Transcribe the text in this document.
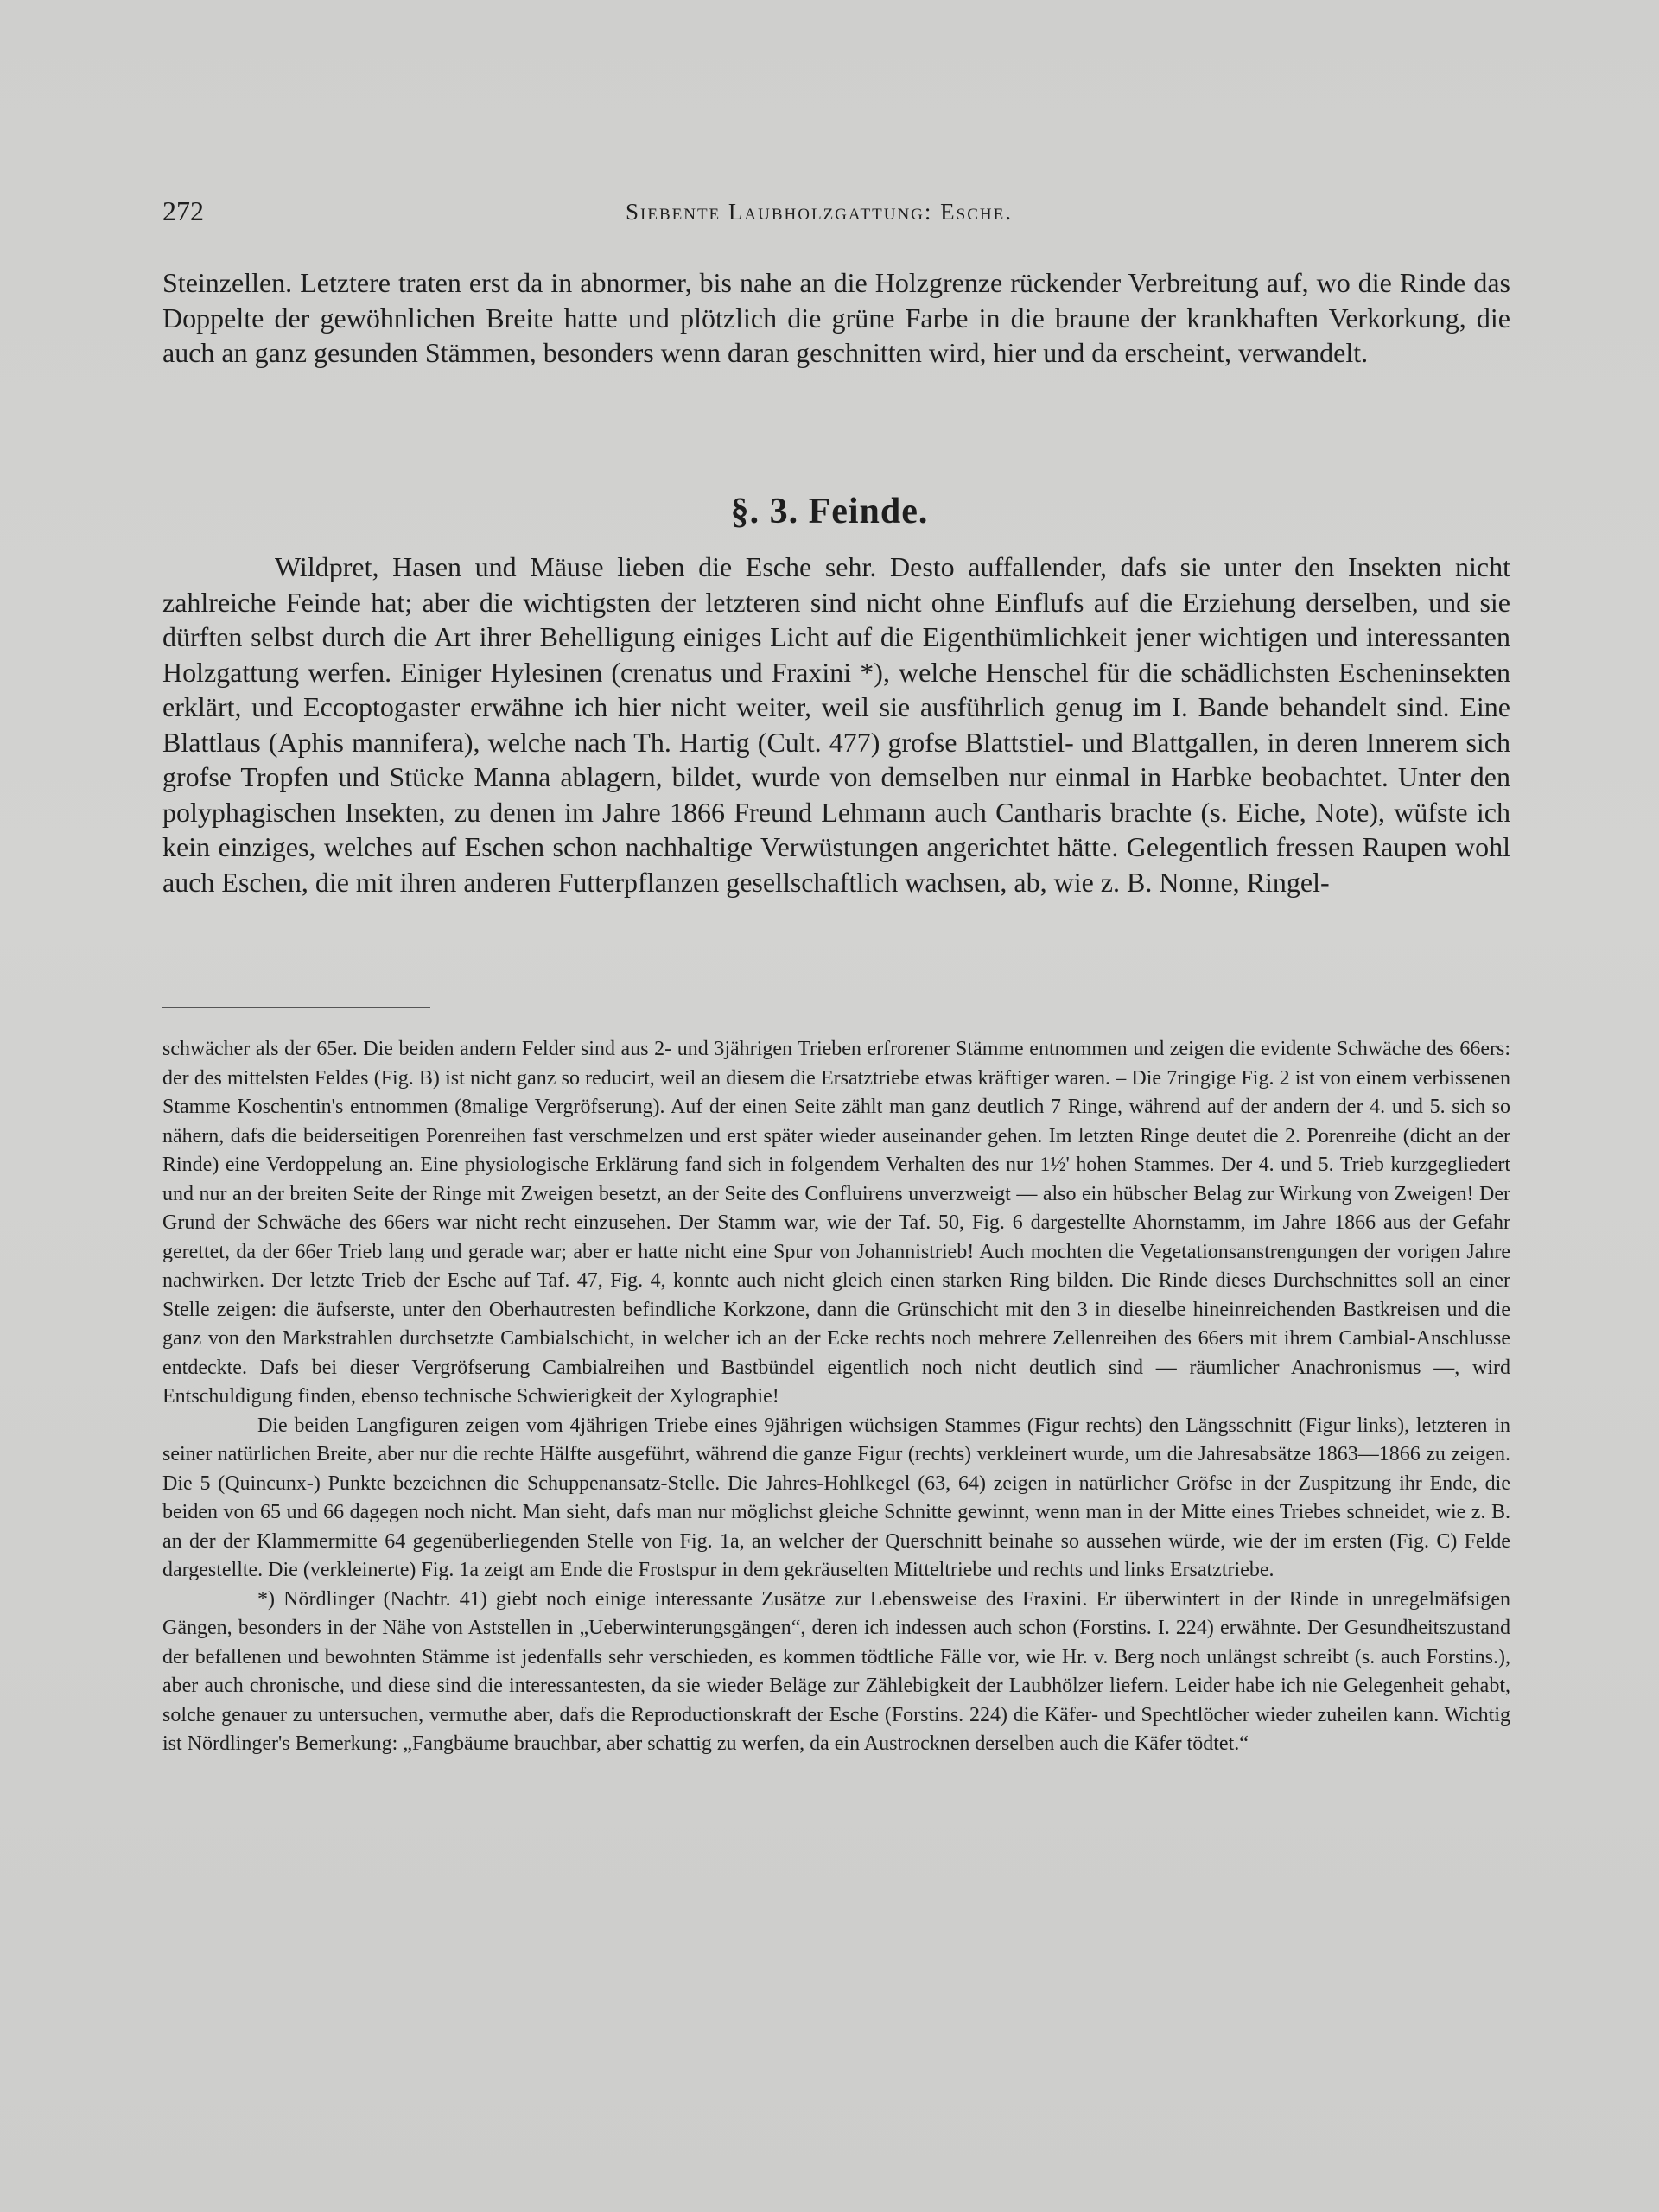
272	Siebente Laubholzgattung: Esche.

Steinzellen. Letztere traten erst da in abnormer, bis nahe an die Holzgrenze rückender Verbreitung auf, wo die Rinde das Doppelte der gewöhnlichen Breite hatte und plötzlich die grüne Farbe in die braune der krankhaften Verkorkung, die auch an ganz gesunden Stämmen, besonders wenn daran geschnitten wird, hier und da erscheint, verwandelt.

§. 3. Feinde.

Wildpret, Hasen und Mäuse lieben die Esche sehr. Desto auffallender, dafs sie unter den Insekten nicht zahlreiche Feinde hat; aber die wichtigsten der letzteren sind nicht ohne Einflufs auf die Erziehung derselben, und sie dürften selbst durch die Art ihrer Behelligung einiges Licht auf die Eigenthümlichkeit jener wichtigen und interessanten Holzgattung werfen. Einiger Hylesinen (crenatus und Fraxini *), welche Henschel für die schädlichsten Escheninsekten erklärt, und Eccoptogaster erwähne ich hier nicht weiter, weil sie ausführlich genug im I. Bande behandelt sind. Eine Blattlaus (Aphis mannifera), welche nach Th. Hartig (Cult. 477) grofse Blattstiel- und Blattgallen, in deren Innerem sich grofse Tropfen und Stücke Manna ablagern, bildet, wurde von demselben nur einmal in Harbke beobachtet. Unter den polyphagischen Insekten, zu denen im Jahre 1866 Freund Lehmann auch Cantharis brachte (s. Eiche, Note), wüfste ich kein einziges, welches auf Eschen schon nachhaltige Verwüstungen angerichtet hätte. Gelegentlich fressen Raupen wohl auch Eschen, die mit ihren anderen Futterpflanzen gesellschaftlich wachsen, ab, wie z. B. Nonne, Ringel-

schwächer als der 65er. Die beiden andern Felder sind aus 2- und 3jährigen Trieben erfrorener Stämme entnommen und zeigen die evidente Schwäche des 66ers: der des mittelsten Feldes (Fig. B) ist nicht ganz so reducirt, weil an diesem die Ersatztriebe etwas kräftiger waren. – Die 7ringige Fig. 2 ist von einem verbissenen Stamme Koschentin's entnommen (8malige Vergröfserung). Auf der einen Seite zählt man ganz deutlich 7 Ringe, während auf der andern der 4. und 5. sich so nähern, dafs die beiderseitigen Porenreihen fast verschmelzen und erst später wieder auseinander gehen. Im letzten Ringe deutet die 2. Porenreihe (dicht an der Rinde) eine Verdoppelung an. Eine physiologische Erklärung fand sich in folgendem Verhalten des nur 1½' hohen Stammes. Der 4. und 5. Trieb kurzgegliedert und nur an der breiten Seite der Ringe mit Zweigen besetzt, an der Seite des Confluirens unverzweigt — also ein hübscher Belag zur Wirkung von Zweigen! Der Grund der Schwäche des 66ers war nicht recht einzusehen. Der Stamm war, wie der Taf. 50, Fig. 6 dargestellte Ahornstamm, im Jahre 1866 aus der Gefahr gerettet, da der 66er Trieb lang und gerade war; aber er hatte nicht eine Spur von Johannistrieb! Auch mochten die Vegetationsanstrengungen der vorigen Jahre nachwirken. Der letzte Trieb der Esche auf Taf. 47, Fig. 4, konnte auch nicht gleich einen starken Ring bilden. Die Rinde dieses Durchschnittes soll an einer Stelle zeigen: die äufserste, unter den Oberhautresten befindliche Korkzone, dann die Grünschicht mit den 3 in dieselbe hineinreichenden Bastkreisen und die ganz von den Markstrahlen durchsetzte Cambialschicht, in welcher ich an der Ecke rechts noch mehrere Zellenreihen des 66ers mit ihrem Cambial-Anschlusse entdeckte. Dafs bei dieser Vergröfserung Cambialreihen und Bastbündel eigentlich noch nicht deutlich sind — räumlicher Anachronismus —, wird Entschuldigung finden, ebenso technische Schwierigkeit der Xylographie!

Die beiden Langfiguren zeigen vom 4jährigen Triebe eines 9jährigen wüchsigen Stammes (Figur rechts) den Längsschnitt (Figur links), letzteren in seiner natürlichen Breite, aber nur die rechte Hälfte ausgeführt, während die ganze Figur (rechts) verkleinert wurde, um die Jahresabsätze 1863—1866 zu zeigen. Die 5 (Quincunx-) Punkte bezeichnen die Schuppenansatz-Stelle. Die Jahres-Hohlkegel (63, 64) zeigen in natürlicher Gröfse in der Zuspitzung ihr Ende, die beiden von 65 und 66 dagegen noch nicht. Man sieht, dafs man nur möglichst gleiche Schnitte gewinnt, wenn man in der Mitte eines Triebes schneidet, wie z. B. an der der Klammermitte 64 gegenüberliegenden Stelle von Fig. 1a, an welcher der Querschnitt beinahe so aussehen würde, wie der im ersten (Fig. C) Felde dargestellte. Die (verkleinerte) Fig. 1a zeigt am Ende die Frostspur in dem gekräuselten Mitteltriebe und rechts und links Ersatztriebe.

*) Nördlinger (Nachtr. 41) giebt noch einige interessante Zusätze zur Lebensweise des Fraxini. Er überwintert in der Rinde in unregelmäfsigen Gängen, besonders in der Nähe von Aststellen in „Ueberwinterungsgängen“, deren ich indessen auch schon (Forstins. I. 224) erwähnte. Der Gesundheitszustand der befallenen und bewohnten Stämme ist jedenfalls sehr verschieden, es kommen tödtliche Fälle vor, wie Hr. v. Berg noch unlängst schreibt (s. auch Forstins.), aber auch chronische, und diese sind die interessantesten, da sie wieder Beläge zur Zählebigkeit der Laubhölzer liefern. Leider habe ich nie Gelegenheit gehabt, solche genauer zu untersuchen, vermuthe aber, dafs die Reproductionskraft der Esche (Forstins. 224) die Käfer- und Spechtlöcher wieder zuheilen kann. Wichtig ist Nördlinger's Bemerkung: „Fangbäume brauchbar, aber schattig zu werfen, da ein Austrocknen derselben auch die Käfer tödtet.“
